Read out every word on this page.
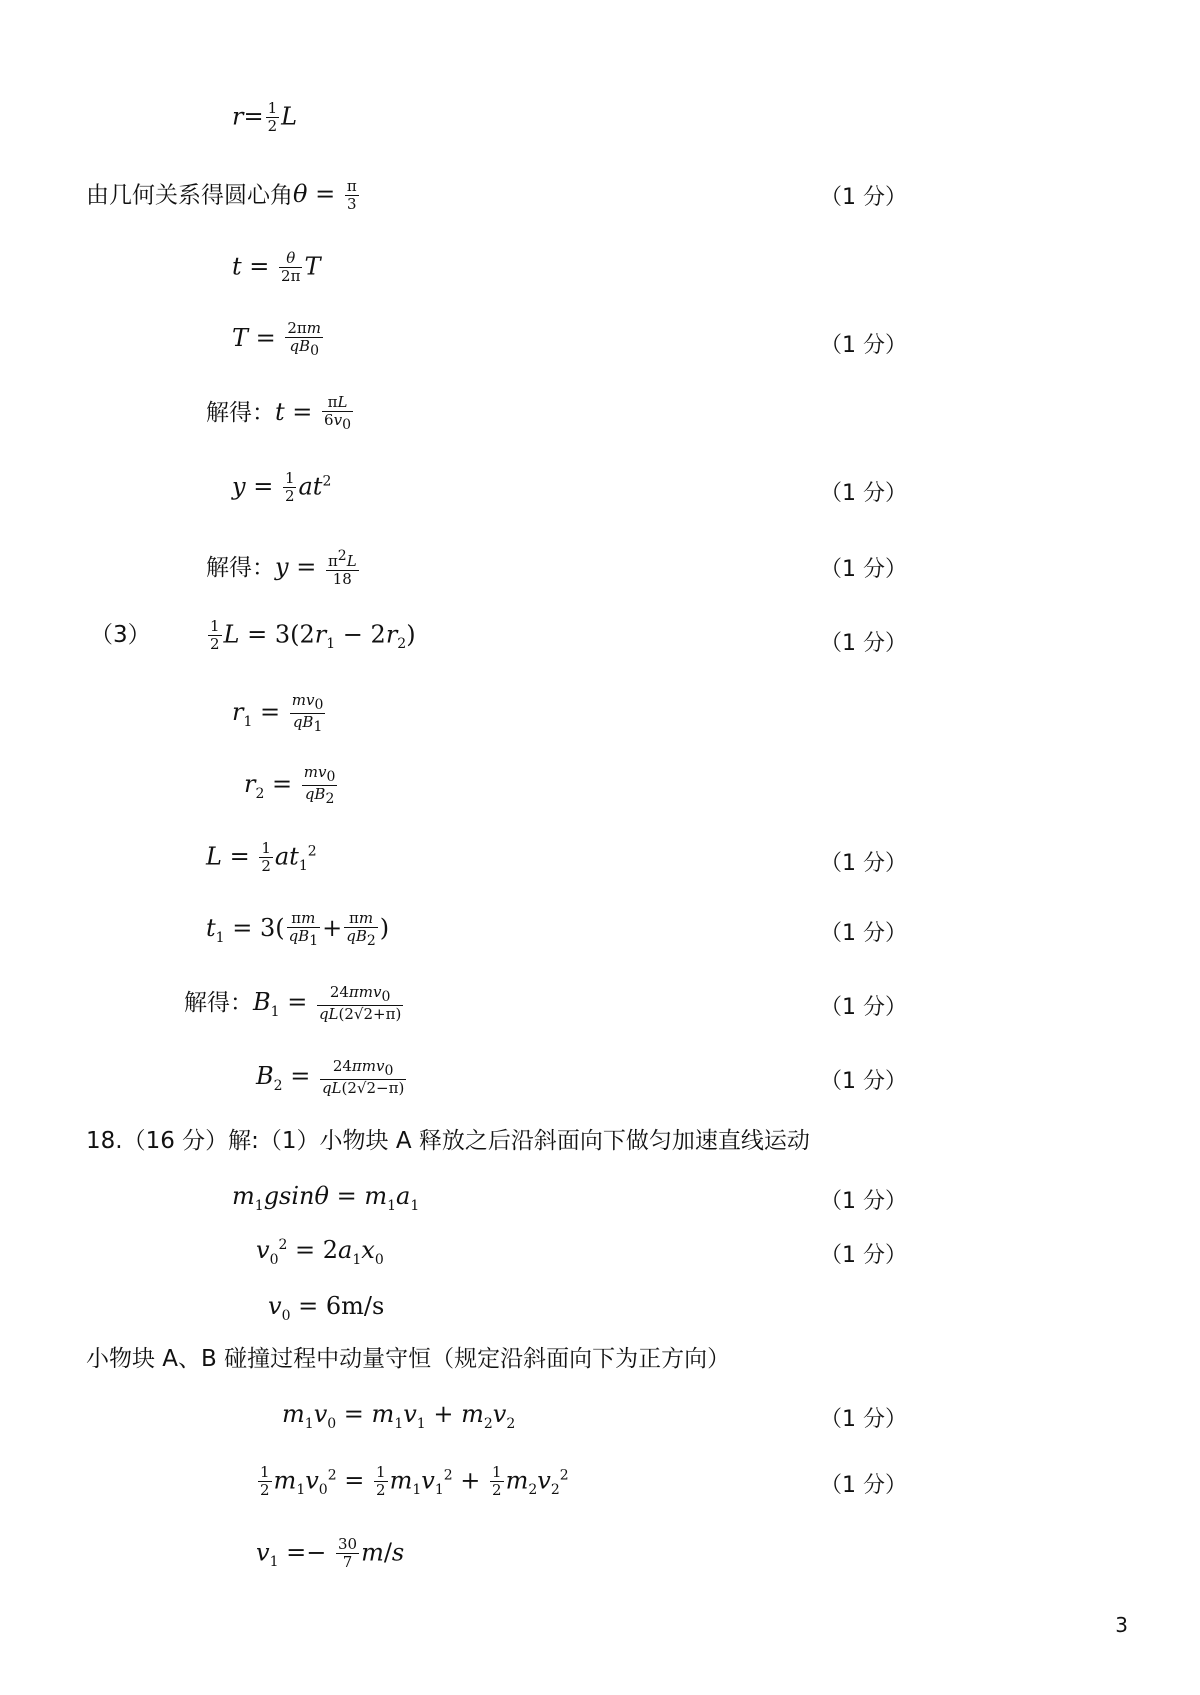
$r= \frac{1}{2}$ L
由几何关系得圆心角$\theta = \frac{\pi}{3}$	（1 分）
$t = \frac{\theta}{2\pi}$ T
$T = \frac{2\pi m}{qB_0}$	（1 分）
解得：$t = \frac{\pi L}{6v_0}$
$y = \frac{1}{2} at^2$	（1 分）
解得：$y = \frac{\pi^2L}{18}$	（1 分）
（3）	$\frac{1}{2}$ $L = 3(2r_1 - 2r_2)$	（1 分）
$r_1 = \frac{mv_0}{qB_1}$
$r_2 = \frac{mv_0}{qB_2}$
$L = \frac{1}{2} at_1^2$	（1 分）
$t_1 = 3( \frac{\pi m}{qB_1} + \frac{\pi m}{qB_2}$ )	（1 分）
解得：$B_1 = \frac{24\pi mv_0}{qL(2√2+\pi)}$	（1 分）
$B_2 = \frac{24\pi mv_0}{qL(2√2-\pi)}$	（1 分）
18.（16 分）解:（1）小物块 A 释放之后沿斜面向下做匀加速直线运动
$m_1gsin\theta = m_1a_1$	（1 分）
$v_0^2 = 2a_1x_0$	（1 分）
$v_0 = 6m/s$
小物块 A、B 碰撞过程中动量守恒（规定沿斜面向下为正方向）
$m_1v_0 = m_1v_1 + m_2v_2$	（1 分）
$\frac{1}{2} m_1v_0^2 = \frac{1}{2} m_1v_1^2 + \frac{1}{2} m_2v_2^2$	（1 分）
$v_1 =- \frac{30}{7} m/s$
3
